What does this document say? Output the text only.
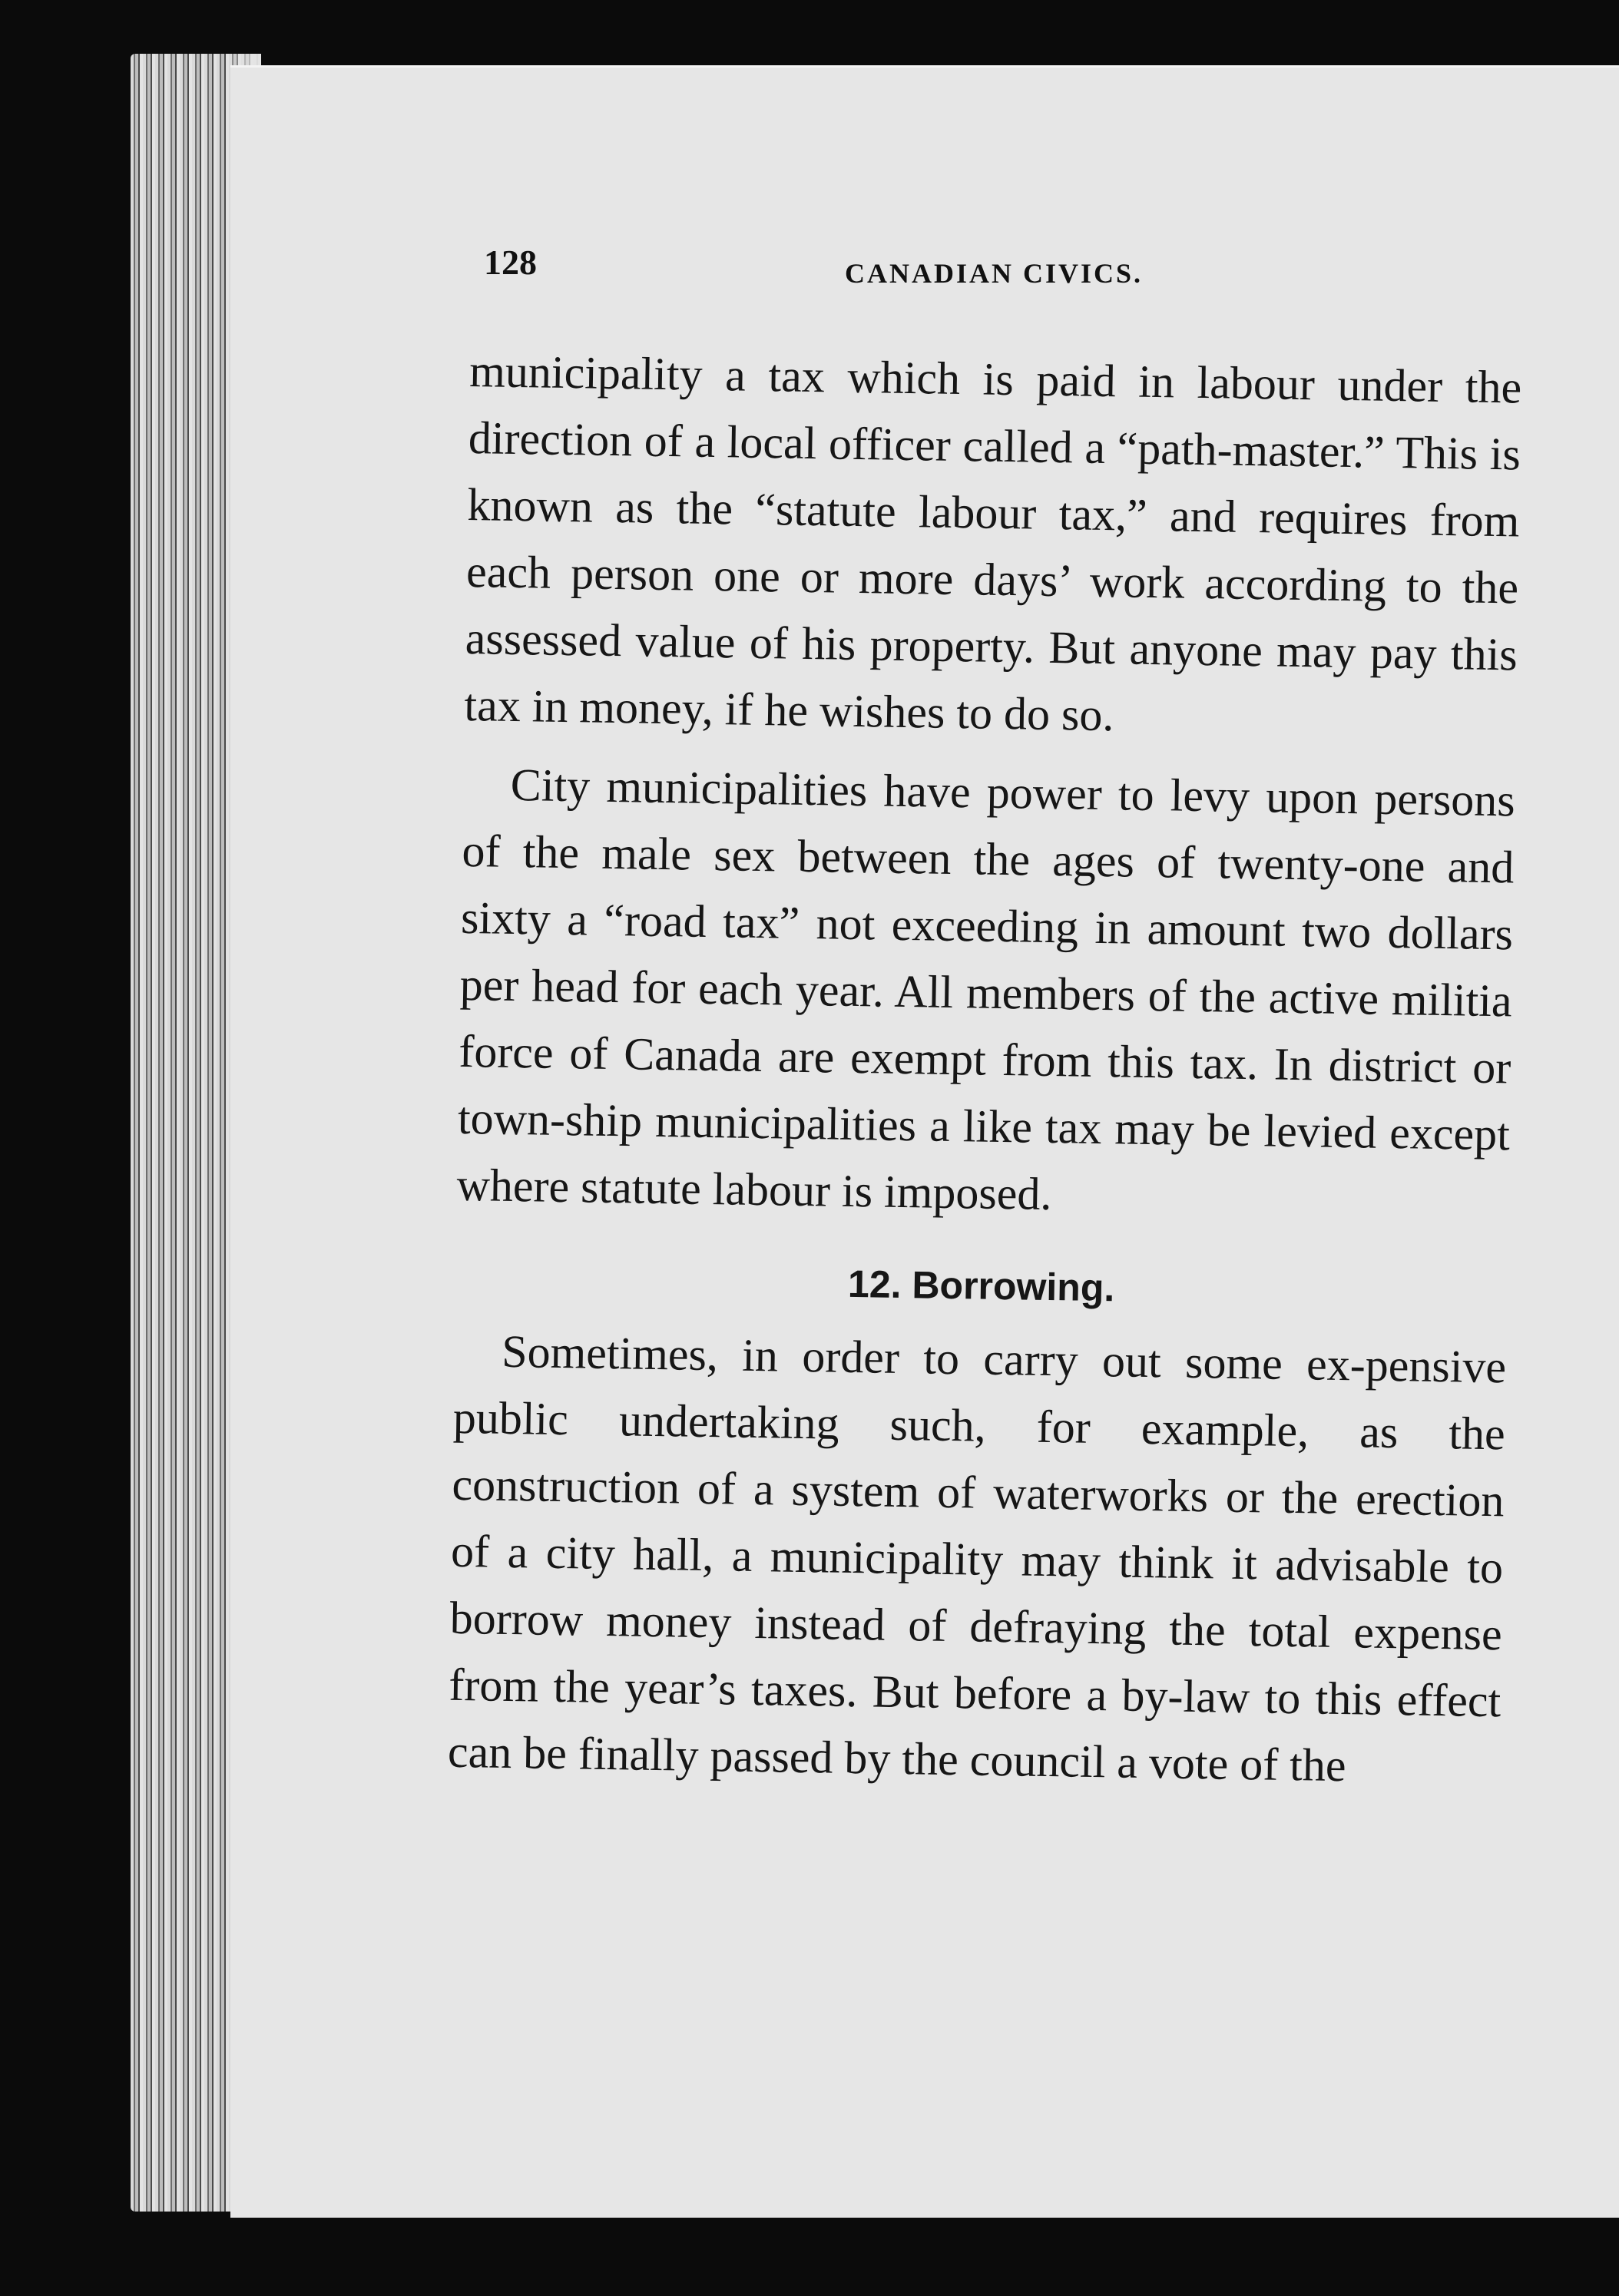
128	CANADIAN CIVICS.

municipality a tax which is paid in labour under the direction of a local officer called a “path-master.” This is known as the “statute labour tax,” and requires from each person one or more days’ work according to the assessed value of his property. But anyone may pay this tax in money, if he wishes to do so.

City municipalities have power to levy upon persons of the male sex between the ages of twenty-one and sixty a “road tax” not exceeding in amount two dollars per head for each year. All members of the active militia force of Canada are exempt from this tax. In district or town-ship municipalities a like tax may be levied except where statute labour is imposed.

12. Borrowing.

Sometimes, in order to carry out some ex-pensive public undertaking such, for example, as the construction of a system of waterworks or the erection of a city hall, a municipality may think it advisable to borrow money instead of defraying the total expense from the year’s taxes. But before a by-law to this effect can be finally passed by the council a vote of the
